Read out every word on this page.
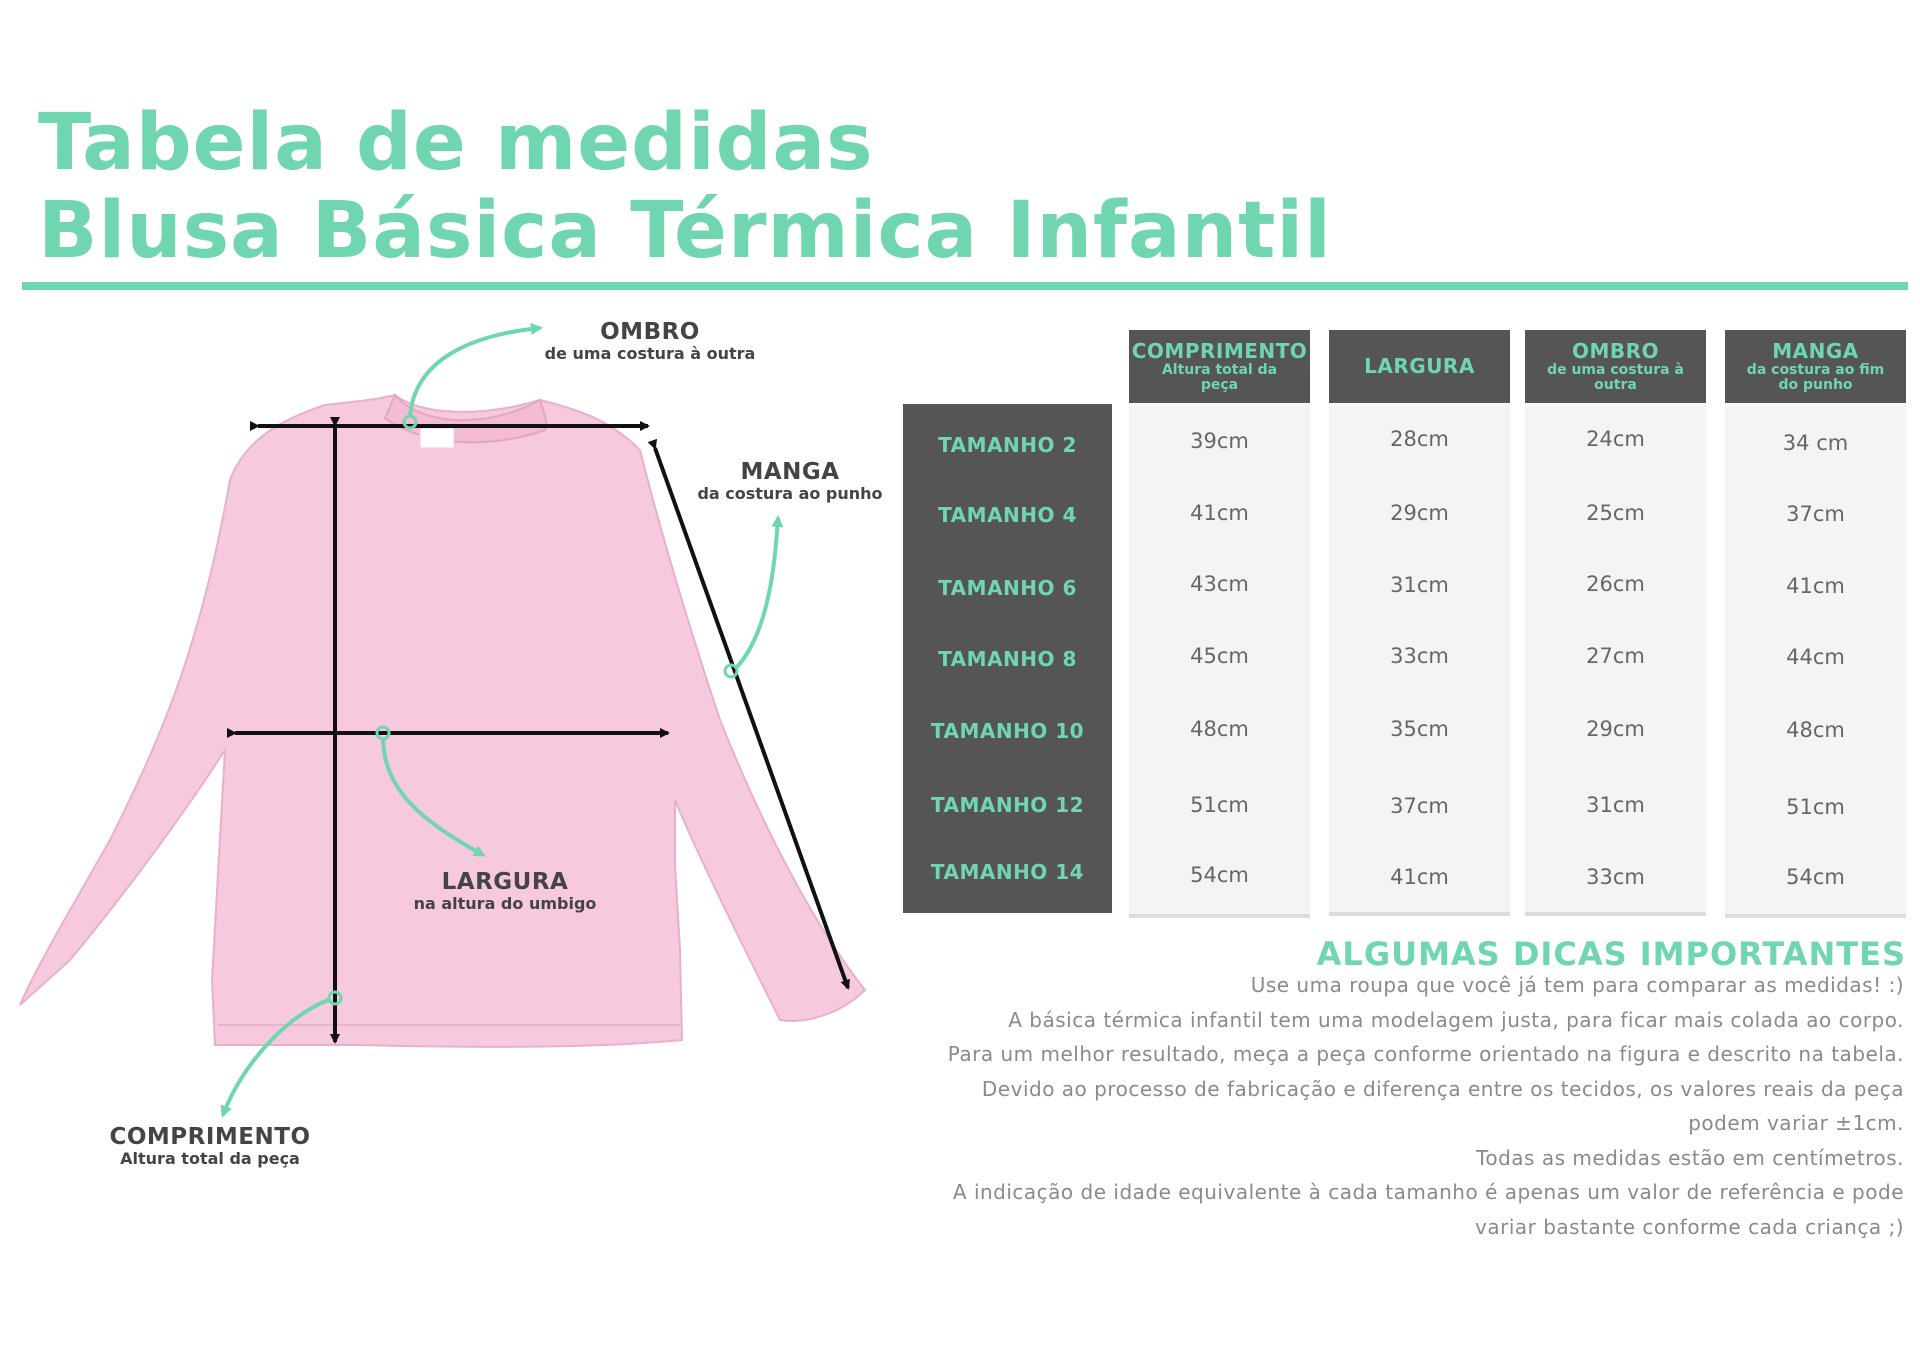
Tabela de medidas
Blusa Básica Térmica Infantil
OMBRO
de uma costura à outra
MANGA
da costura ao punho
LARGURA
na altura do umbigo
COMPRIMENTO
Altura total da peça
COMPRIMENTO
Altura total da peça
LARGURA
OMBRO
de uma costura à outra
MANGA
da costura ao fim do punho
TAMANHO 2
TAMANHO 4
TAMANHO 6
TAMANHO 8
TAMANHO 10
TAMANHO 12
TAMANHO 14
39cm
41cm
43cm
45cm
48cm
51cm
54cm
28cm
29cm
31cm
33cm
35cm
37cm
41cm
24cm
25cm
26cm
27cm
29cm
31cm
33cm
34 cm
37cm
41cm
44cm
48cm
51cm
54cm
ALGUMAS DICAS IMPORTANTES
Use uma roupa que você já tem para comparar as medidas! :)
A básica térmica infantil tem uma modelagem justa, para ficar mais colada ao corpo.
Para um melhor resultado, meça a peça conforme orientado na figura e descrito na tabela.
Devido ao processo de fabricação e diferença entre os tecidos, os valores reais da peça
podem variar ±1cm.
Todas as medidas estão em centímetros.
A indicação de idade equivalente à cada tamanho é apenas um valor de referência e pode
variar bastante conforme cada criança ;)
